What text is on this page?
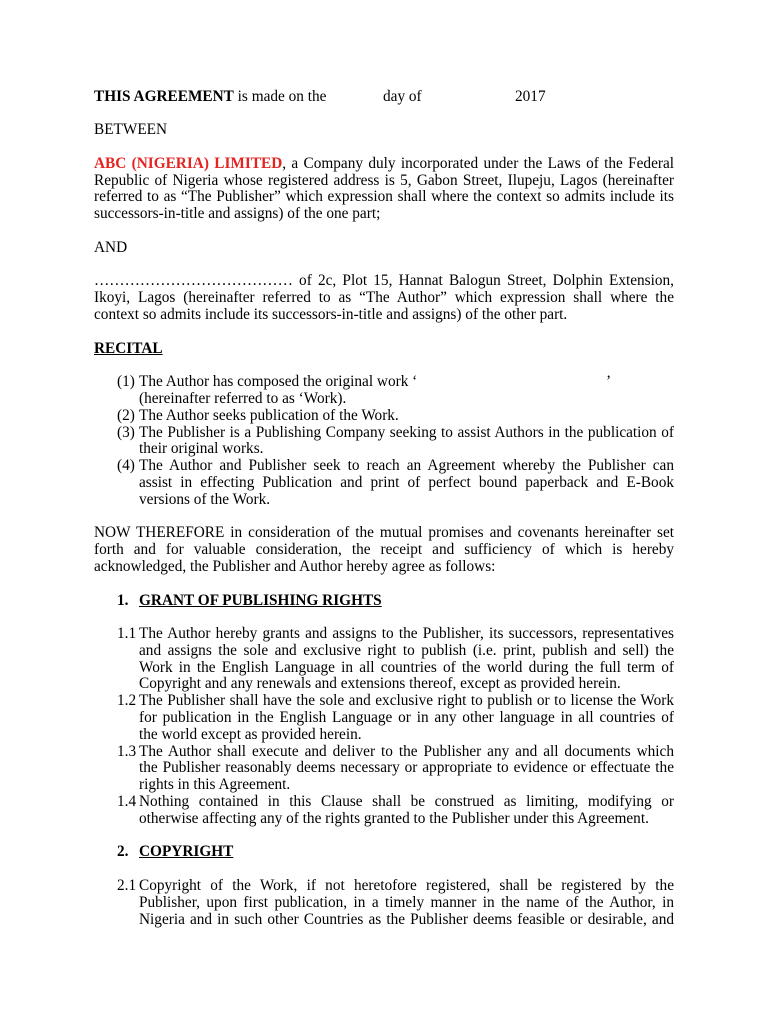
THIS AGREEMENT is made on the	day of	2017
BETWEEN
ABC (NIGERIA) LIMITED, a Company duly incorporated under the Laws of the Federal
Republic of Nigeria whose registered address is 5, Gabon Street, Ilupeju, Lagos (hereinafter
referred to as “The Publisher” which expression shall where the context so admits include its
successors-in-title and assigns) of the one part;
AND
………………………………… of 2c, Plot 15, Hannat Balogun Street, Dolphin Extension,
Ikoyi, Lagos (hereinafter referred to as “The Author” which expression shall where the
context so admits include its successors-in-title and assigns) of the other part.
RECITAL
(1) The Author has composed the original work ‘	’
(hereinafter referred to as ‘Work).
(2) The Author seeks publication of the Work.
(3) The Publisher is a Publishing Company seeking to assist Authors in the publication of
their original works.
(4) The Author and Publisher seek to reach an Agreement whereby the Publisher can
assist in effecting Publication and print of perfect bound paperback and E-Book
versions of the Work.
NOW THEREFORE in consideration of the mutual promises and covenants hereinafter set
forth and for valuable consideration, the receipt and sufficiency of which is hereby
acknowledged, the Publisher and Author hereby agree as follows:
1. GRANT OF PUBLISHING RIGHTS
1.1 The Author hereby grants and assigns to the Publisher, its successors, representatives
and assigns the sole and exclusive right to publish (i.e. print, publish and sell) the
Work in the English Language in all countries of the world during the full term of
Copyright and any renewals and extensions thereof, except as provided herein.
1.2 The Publisher shall have the sole and exclusive right to publish or to license the Work
for publication in the English Language or in any other language in all countries of
the world except as provided herein.
1.3 The Author shall execute and deliver to the Publisher any and all documents which
the Publisher reasonably deems necessary or appropriate to evidence or effectuate the
rights in this Agreement.
1.4 Nothing contained in this Clause shall be construed as limiting, modifying or
otherwise affecting any of the rights granted to the Publisher under this Agreement.
2. COPYRIGHT
2.1 Copyright of the Work, if not heretofore registered, shall be registered by the
Publisher, upon first publication, in a timely manner in the name of the Author, in
Nigeria and in such other Countries as the Publisher deems feasible or desirable, and
